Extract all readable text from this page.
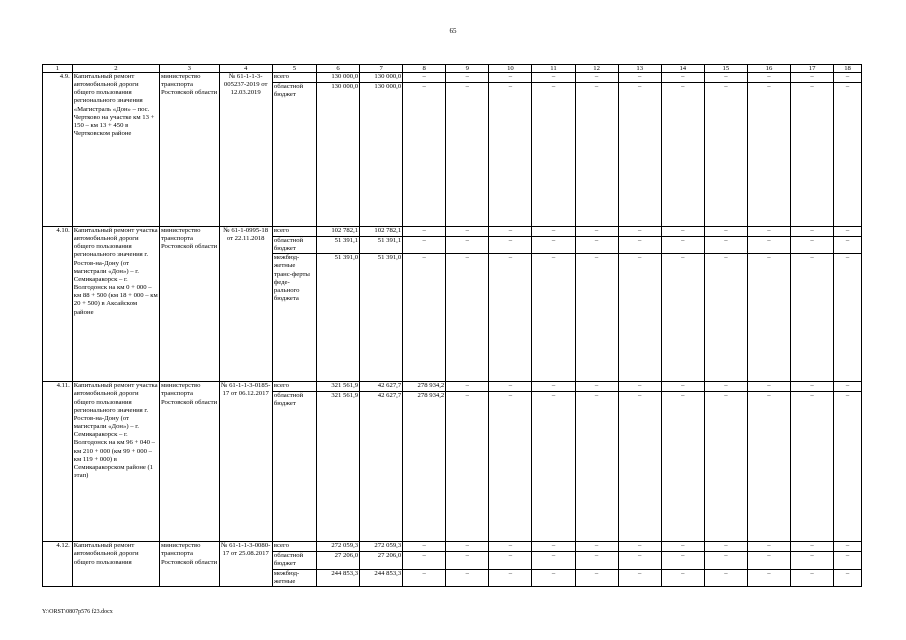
65
1	2	3	4	5	6	7	8	9	10	11	12	13	14	15	16	17	18
4.9.	Капитальный ремонт автомобильной дороги общего пользования регионального значения «Магистраль «Дон» – пос. Чертково на участке км 13 + 150 – км 13 + 450 в Чертковском районе	министерство транспорта Ростовской области	№ 61-1-1-3-005237-2019 от 12.03.2019	всего	130 000,0	130 000,0	–	–	–	–	–	–	–	–	–	–	–
				областной бюджет	130 000,0	130 000,0	–	–	–	–	–	–	–	–	–	–	–
4.10.	Капитальный ремонт участка автомобильной дороги общего пользования регионального значения г. Ростов-на-Дону (от магистрали «Дон») – г. Семикаракорск – г. Волгодонск на км 0 + 000 – км 88 + 500 (км 18 + 000 – км 20 + 500) в Аксайском районе	министерство транспорта Ростовской области	№ 61-1-0995-18 от 22.11.2018	всего	102 782,1	102 782,1	–	–	–	–	–	–	–	–	–	–	–
				областной бюджет	51 391,1	51 391,1	–	–	–	–	–	–	–	–	–	–	–
				межбюд-жетные транс-ферты феде-рального бюджета	51 391,0	51 391,0	–	–	–	–	–	–	–	–	–	–	–
4.11.	Капитальный ремонт участка автомобильной дороги общего пользования регионального значения г. Ростов-на-Дону (от магистрали «Дон») – г. Семикаракорск – г. Волгодонск на км 96 + 040 – км 210 + 000 (км 99 + 000 – км 119 + 000) в Семикаракорском районе (1 этап)	министерство транспорта Ростовской области	№ 61-1-1-3-0185-17 от 06.12.2017	всего	321 561,9	42 627,7	278 934,2	–	–	–	–	–	–	–	–	–	–
				областной бюджет	321 561,9	42 627,7	278 934,2	–	–	–	–	–	–	–	–	–	–
4.12.	Капитальный ремонт автомобильной дороги общего пользования	министерство транспорта Ростовской области	№ 61-1-1-3-0080-17 от 25.08.2017	всего	272 059,3	272 059,3	–	–	–	–	–	–	–	–	–	–	–
				областной бюджет	27 206,0	27 206,0	–	–	–	–	–	–	–	–	–	–	–
				межбюд-жетные	244 853,3	244 853,3	–	–	–	–	–	–	–	–	–	–	–
Y:\ORST\0807p576 f23.docx
